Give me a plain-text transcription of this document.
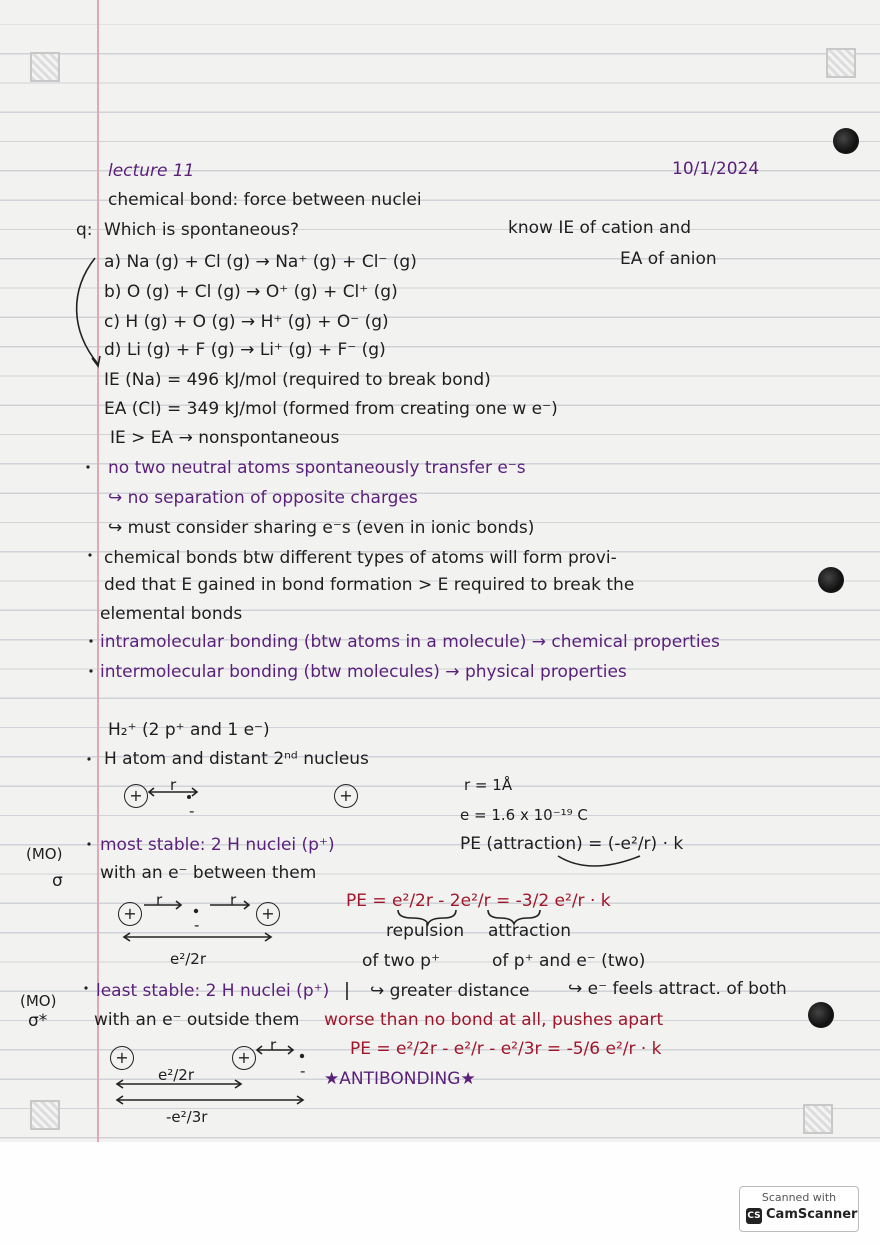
lecture 11	10/1/2024
chemical bond: force between nuclei
q: Which is spontaneous?	know IE of cation and
a) Na (g) + Cl (g) → Na⁺ (g) + Cl⁻ (g)	EA of anion
b) O (g) + Cl (g) → O⁺ (g) + Cl⁺ (g)
c) H (g) + O (g) → H⁺ (g) + O⁻ (g)
d) Li (g) + F (g) → Li⁺ (g) + F⁻ (g)
IE (Na) = 496 kJ/mol (required to break bond)
EA (Cl) = 349 kJ/mol (formed from creating one w e⁻)
IE > EA → nonspontaneous
no two neutral atoms spontaneously transfer e⁻s
↪ no separation of opposite charges
↪ must consider sharing e⁻s (even in ionic bonds)
chemical bonds btw different types of atoms will form provi-
ded that E gained in bond formation > E required to break the
elemental bonds
intramolecular bonding (btw atoms in a molecule) → chemical properties
intermolecular bonding (btw molecules) → physical properties
H₂⁺ (2 p⁺ and 1 e⁻)
H atom and distant 2ⁿᵈ nucleus
+
r
-
+
r = 1Å
e = 1.6 x 10⁻¹⁹ C
(MO)
σ
most stable: 2 H nuclei (p⁺)	PE (attraction) = (-e²/r) · k
with an e⁻ between them
+
r	r
-
+
e²/2r
PE = e²/2r - 2e²/r = -3/2 e²/r · k
repulsion attraction
of two p⁺	of p⁺ and e⁻ (two)
(MO)
σ*
least stable: 2 H nuclei (p⁺) ↪ greater distance ↪ e⁻ feels attract. of both
with an e⁻ outside them worse than no bond at all, pushes apart
+	+
r
-
e²/2r
-e²/3r
PE = e²/2r - e²/r - e²/3r = -5/6 e²/r · k
★ANTIBONDING★
Scanned with
CS CamScanner
